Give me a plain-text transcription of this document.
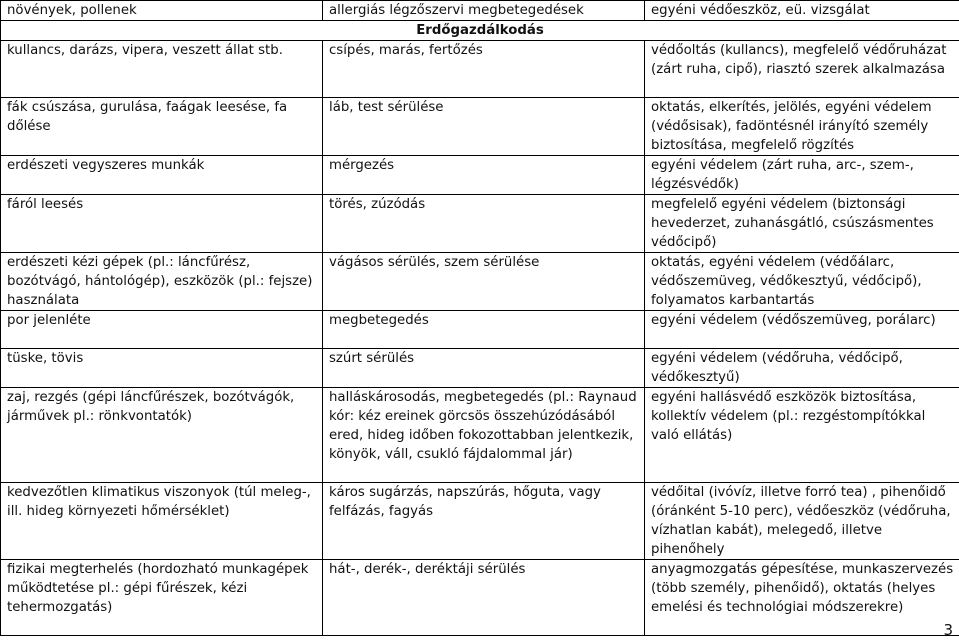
növények, pollenek	allergiás légzőszervi megbetegedések	egyéni védőeszköz, eü. vizsgálat
Erdőgazdálkodás		
kullancs, darázs, vipera, veszett állat stb.	csípés, marás, fertőzés	védőoltás (kullancs), megfelelő védőruházat (zárt ruha, cipő), riasztó szerek alkalmazása
fák csúszása, gurulása, faágak leesése, fa dőlése	láb, test sérülése	oktatás, elkerítés, jelölés, egyéni védelem (védősisak), fadöntésnél irányító személy biztosítása, megfelelő rögzítés
erdészeti vegyszeres munkák	mérgezés	egyéni védelem (zárt ruha, arc-, szem-, légzésvédők)
fáról leesés	törés, zúzódás	megfelelő egyéni védelem (biztonsági hevederzet, zuhanásgátló, csúszásmentes védőcipő)
erdészeti kézi gépek (pl.: láncfűrész, bozótvágó, hántológép), eszközök (pl.: fejsze) használata	vágásos sérülés, szem sérülése	oktatás, egyéni védelem (védőálarc, védőszemüveg, védőkesztyű, védőcipő), folyamatos karbantartás
por jelenléte	megbetegedés	egyéni védelem (védőszemüveg, porálarc)
tüske, tövis	szúrt sérülés	egyéni védelem (védőruha, védőcipő, védőkesztyű)
zaj, rezgés (gépi láncfűrészek, bozótvágók, járművek pl.: rönkvontatók)	halláskárosodás, megbetegedés (pl.: Raynaud kór: kéz ereinek görcsös összehúzódásából ered, hideg időben fokozottabban jelentkezik, könyök, váll, csukló fájdalommal jár)	egyéni hallásvédő eszközök biztosítása, kollektív védelem (pl.: rezgéstompítókkal való ellátás)
kedvezőtlen klimatikus viszonyok (túl meleg-, ill. hideg környezeti hőmérséklet)	káros sugárzás, napszúrás, hőguta, vagy felfázás, fagyás	védőital (ivóvíz, illetve forró tea) , pihenőidő (óránként 5-10 perc), védőeszköz (védőruha, vízhatlan kabát), melegedő, illetve pihenőhely
fizikai megterhelés (hordozható munkagépek működtetése pl.: gépi fűrészek, kézi tehermozgatás)	hát-, derék-, deréktáji sérülés	anyagmozgatás gépesítése, munkaszervezés (több személy, pihenőidő), oktatás (helyes emelési és technológiai módszerekre)
3
